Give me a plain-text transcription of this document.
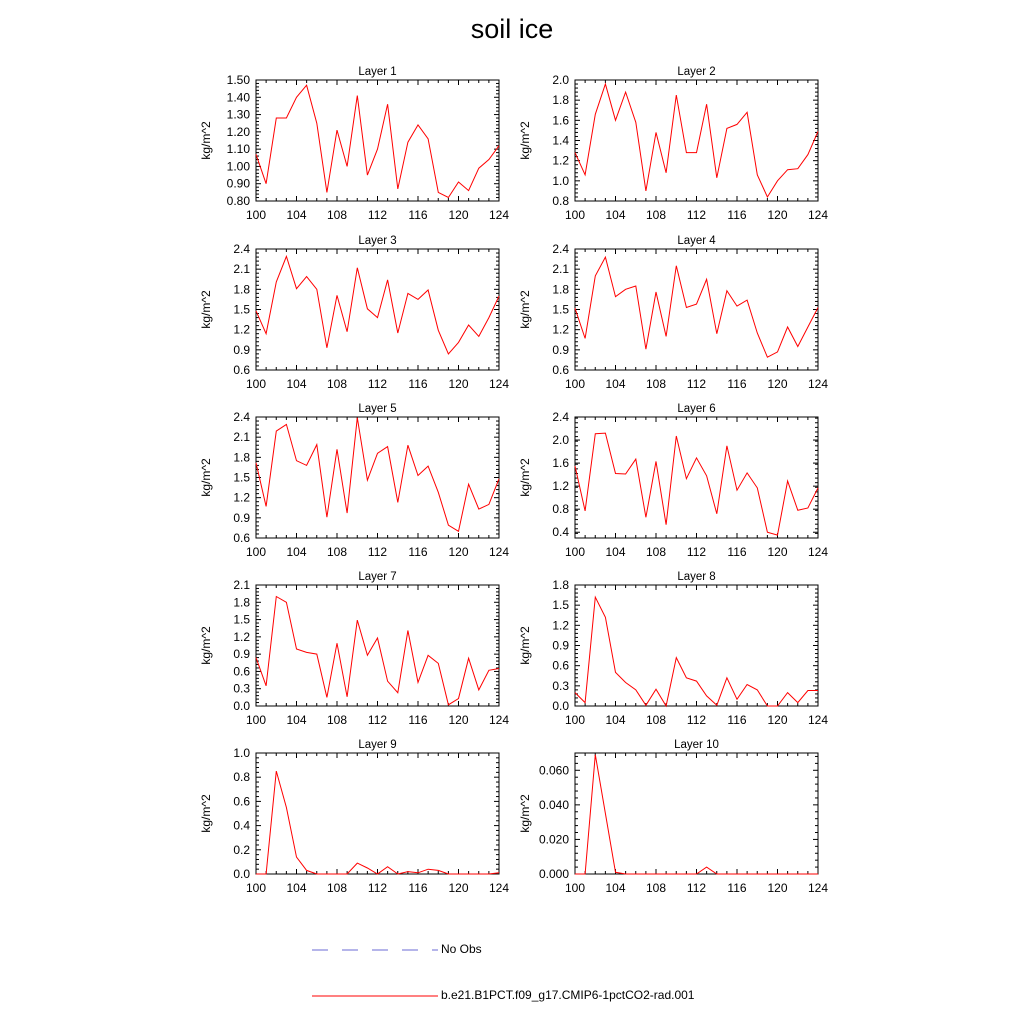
soil ice
Layer 1
kg/m^2
100 104 108 112 116 120 124
0.80
0.90
1.00
1.10
1.20
1.30
1.40
1.50
Layer 2
kg/m^2
100 104 108 112 116 120 124
0.8
1.0
1.2
1.4
1.6
1.8
2.0
Layer 3
kg/m^2
100 104 108 112 116 120 124
0.6
0.9
1.2
1.5
1.8
2.1
2.4
Layer 4
kg/m^2
100 104 108 112 116 120 124
0.6
0.9
1.2
1.5
1.8
2.1
2.4
Layer 5
kg/m^2
100 104 108 112 116 120 124
0.6
0.9
1.2
1.5
1.8
2.1
2.4
Layer 6
kg/m^2
100 104 108 112 116 120 124
0.4
0.8
1.2
1.6
2.0
2.4
Layer 7
kg/m^2
100 104 108 112 116 120 124
0.0
0.3
0.6
0.9
1.2
1.5
1.8
2.1
Layer 8
kg/m^2
100 104 108 112 116 120 124
0.0
0.3
0.6
0.9
1.2
1.5
1.8
Layer 9
kg/m^2
100 104 108 112 116 120 124
0.0
0.2
0.4
0.6
0.8
1.0
Layer 10
kg/m^2
100 104 108 112 116 120 124
0.000
0.020
0.040
0.060
No Obs
b.e21.B1PCT.f09_g17.CMIP6-1pctCO2-rad.001
